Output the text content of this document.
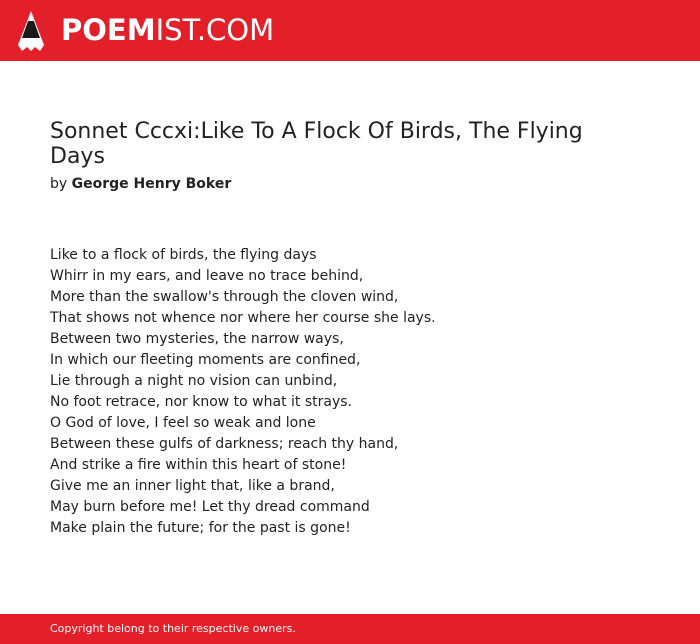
POEMIST.COM
Sonnet Cccxi:Like To A Flock Of Birds, The Flying Days
by George Henry Boker
Like to a flock of birds, the flying days
Whirr in my ears, and leave no trace behind,
More than the swallow's through the cloven wind,
That shows not whence nor where her course she lays.
Between two mysteries, the narrow ways,
In which our fleeting moments are confined,
Lie through a night no vision can unbind,
No foot retrace, nor know to what it strays.
O God of love, I feel so weak and lone
Between these gulfs of darkness; reach thy hand,
And strike a fire within this heart of stone!
Give me an inner light that, like a brand,
May burn before me! Let thy dread command
Make plain the future; for the past is gone!
Copyright belong to their respective owners.
